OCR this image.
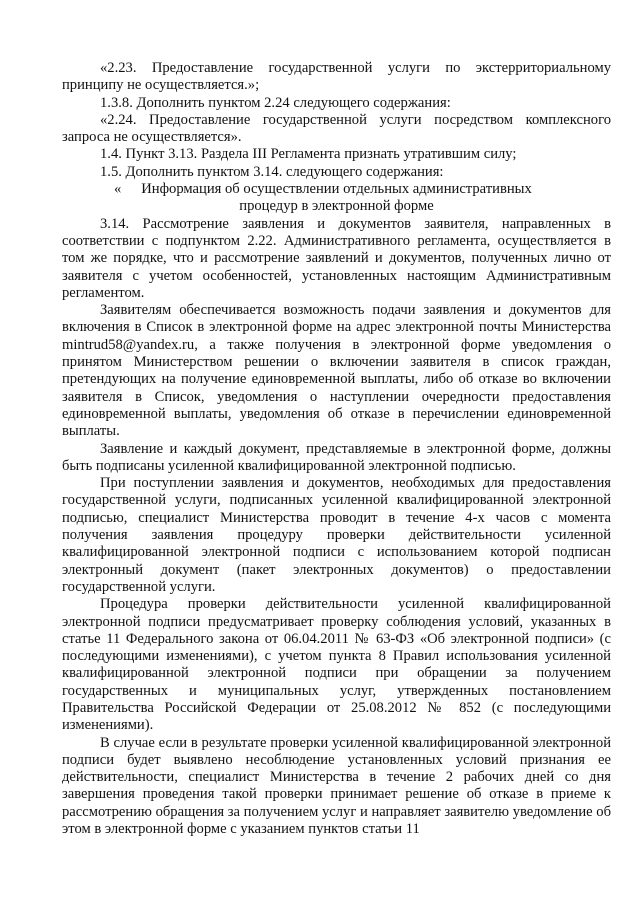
«2.23. Предоставление государственной услуги по экстерриториальному принципу не осуществляется.»;

1.3.8. Дополнить пунктом 2.24 следующего содержания:

«2.24. Предоставление государственной услуги посредством комплексного запроса не осуществляется».

1.4. Пункт 3.13. Раздела III Регламента признать утратившим силу;

1.5. Дополнить пунктом 3.14. следующего содержания:

«	Информация об осуществлении отдельных административных
процедур в электронной форме

3.14. Рассмотрение заявления и документов заявителя, направленных в соответствии с подпунктом 2.22. Административного регламента, осуществляется в том же порядке, что и рассмотрение заявлений и документов, полученных лично от заявителя с учетом особенностей, установленных настоящим Административным регламентом.

Заявителям обеспечивается возможность подачи заявления и документов для включения в Список в электронной форме на адрес электронной почты Министерства mintrud58@yandex.ru, а также получения в электронной форме уведомления о принятом Министерством решении о включении заявителя в список граждан, претендующих на получение единовременной выплаты, либо об отказе во включении заявителя в Список, уведомления о наступлении очередности предоставления единовременной выплаты, уведомления об отказе в перечислении единовременной выплаты.

Заявление и каждый документ, представляемые в электронной форме, должны быть подписаны усиленной квалифицированной электронной подписью.

При поступлении заявления и документов, необходимых для предоставления государственной услуги, подписанных усиленной квалифицированной электронной подписью, специалист Министерства проводит в течение 4-х часов с момента получения заявления процедуру проверки действительности усиленной квалифицированной электронной подписи с использованием которой подписан электронный документ (пакет электронных документов) о предоставлении государственной услуги.

Процедура проверки действительности усиленной квалифицированной электронной подписи предусматривает проверку соблюдения условий, указанных в статье 11 Федерального закона от 06.04.2011 № 63-ФЗ «Об электронной подписи» (с последующими изменениями), с учетом пункта 8 Правил использования усиленной квалифицированной электронной подписи при обращении за получением государственных и муниципальных услуг, утвержденных постановлением Правительства Российской Федерации от 25.08.2012 № 852 (с последующими изменениями).

В случае если в результате проверки усиленной квалифицированной электронной подписи будет выявлено несоблюдение установленных условий признания ее действительности, специалист Министерства в течение 2 рабочих дней со дня завершения проведения такой проверки принимает решение об отказе в приеме к рассмотрению обращения за получением услуг и направляет заявителю уведомление об этом в электронной форме с указанием пунктов статьи 11
